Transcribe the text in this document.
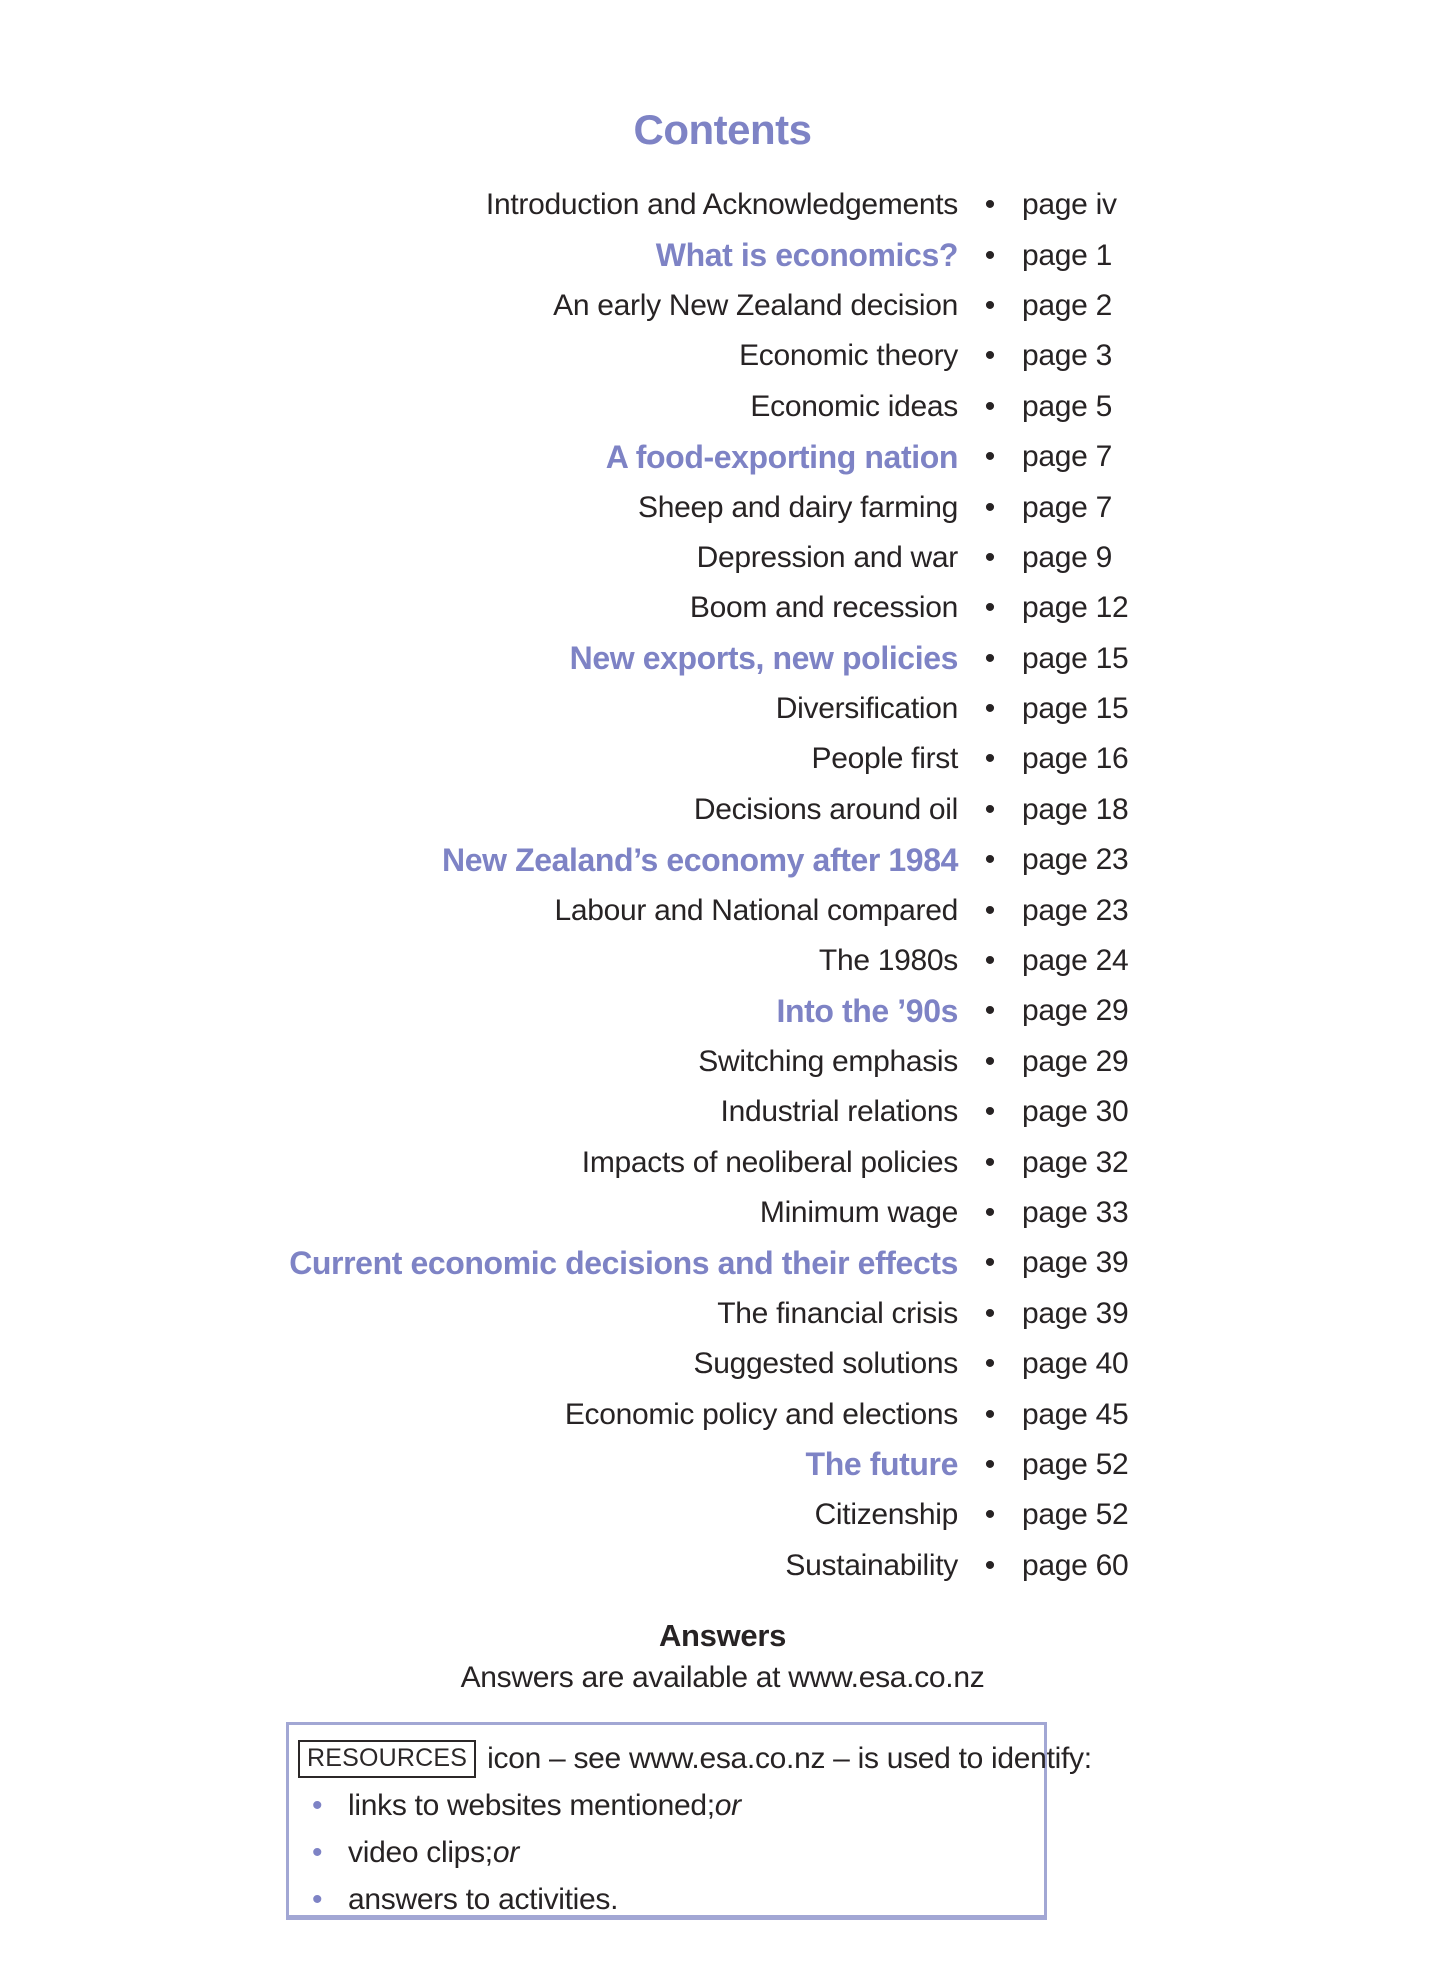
Contents
Introduction and Acknowledgements • page iv
What is economics? • page 1
An early New Zealand decision • page 2
Economic theory • page 3
Economic ideas • page 5
A food-exporting nation • page 7
Sheep and dairy farming • page 7
Depression and war • page 9
Boom and recession • page 12
New exports, new policies • page 15
Diversification • page 15
People first • page 16
Decisions around oil • page 18
New Zealand’s economy after 1984 • page 23
Labour and National compared • page 23
The 1980s • page 24
Into the ’90s • page 29
Switching emphasis • page 29
Industrial relations • page 30
Impacts of neoliberal policies • page 32
Minimum wage • page 33
Current economic decisions and their effects • page 39
The financial crisis • page 39
Suggested solutions • page 40
Economic policy and elections • page 45
The future • page 52
Citizenship • page 52
Sustainability • page 60
Answers
Answers are available at www.esa.co.nz
RESOURCES icon – see www.esa.co.nz – is used to identify:
• links to websites mentioned; or
• video clips; or
• answers to activities.
